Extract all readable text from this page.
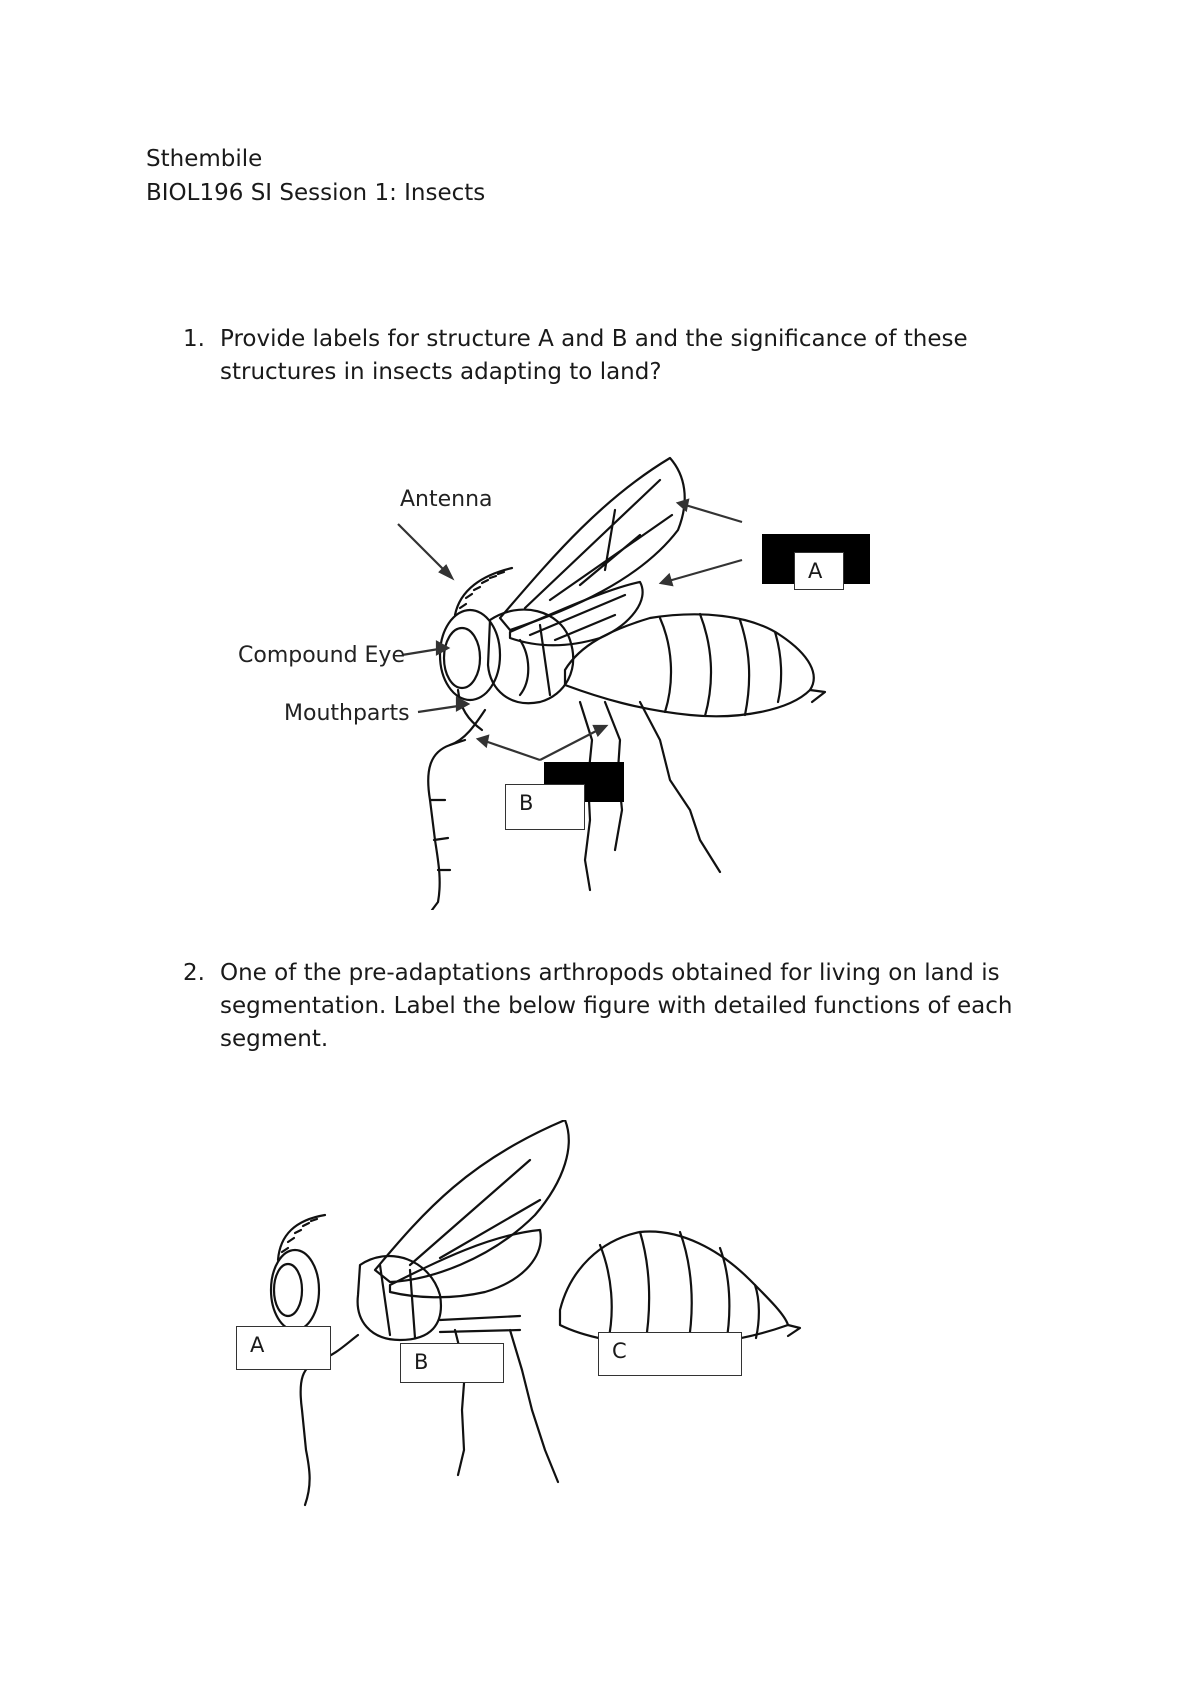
Sthembile
BIOL196 SI Session 1: Insects
1. Provide labels for structure A and B and the significance of these structures in insects adapting to land?
Antenna
Compound Eye
Mouthparts
A
B
2. One of the pre-adaptations arthropods obtained for living on land is segmentation. Label the below figure with detailed functions of each segment.
A
B	C
